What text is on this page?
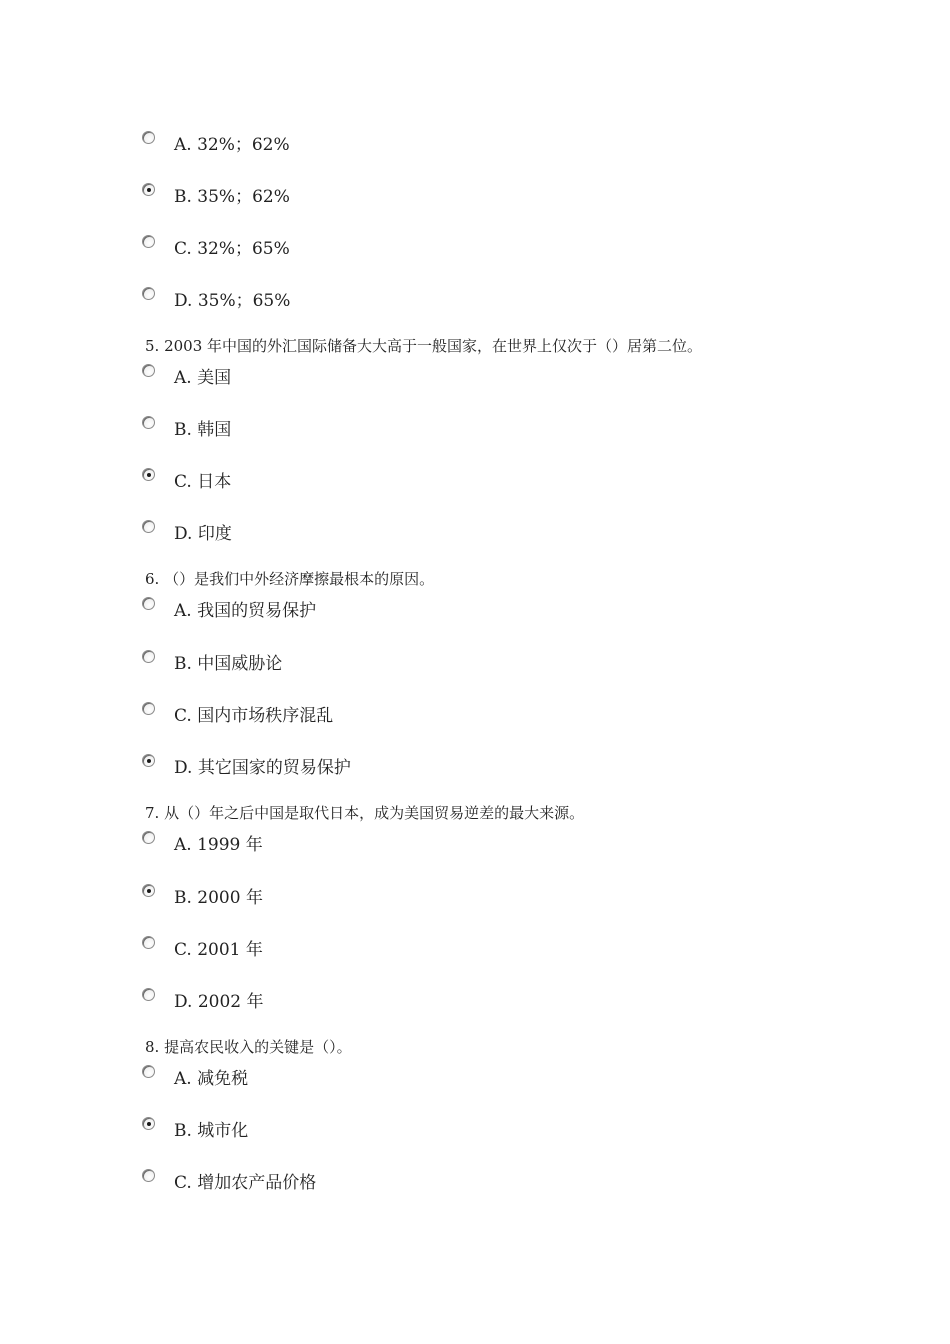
A. 32%；62%
B. 35%；62%
C. 32%；65%
D. 35%；65%
5. 2003 年中国的外汇国际储备大大高于一般国家，在世界上仅次于（）居第二位。
A. 美国
B. 韩国
C. 日本
D. 印度
6. （）是我们中外经济摩擦最根本的原因。
A. 我国的贸易保护
B. 中国威胁论
C. 国内市场秩序混乱
D. 其它国家的贸易保护
7. 从（）年之后中国是取代日本，成为美国贸易逆差的最大来源。
A. 1999 年
B. 2000 年
C. 2001 年
D. 2002 年
8. 提高农民收入的关键是（）。
A. 减免税
B. 城市化
C. 增加农产品价格
